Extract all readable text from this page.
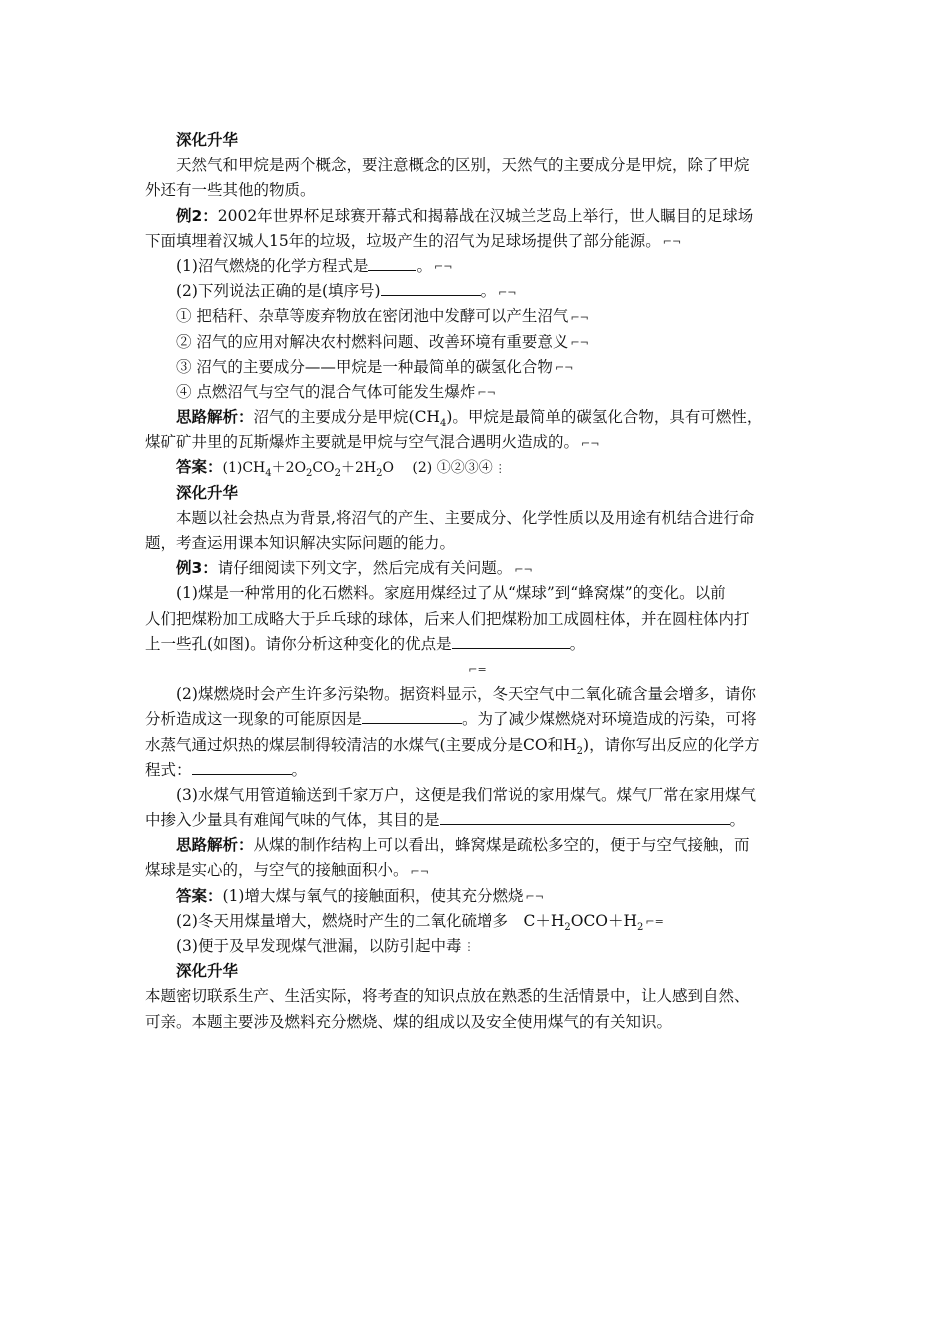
深化升华
天然气和甲烷是两个概念，要注意概念的区别，天然气的主要成分是甲烷，除了甲烷
外还有一些其他的物质。
例2：2002年世界杯足球赛开幕式和揭幕战在汉城兰芝岛上举行，世人瞩目的足球场
下面填埋着汉城人15年的垃圾，垃圾产生的沼气为足球场提供了部分能源。 ⌐¬
(1)沼气燃烧的化学方程式是	。 ⌐¬
(2)下列说法正确的是(填序号)	。 ⌐¬
① 把秸秆、杂草等废弃物放在密闭池中发酵可以产生沼气 ⌐¬
② 沼气的应用对解决农村燃料问题、改善环境有重要意义 ⌐¬
③ 沼气的主要成分——甲烷是一种最简单的碳氢化合物 ⌐¬
④ 点燃沼气与空气的混合气体可能发生爆炸 ⌐¬
思路解析：沼气的主要成分是甲烷$(CH_4)$。甲烷是最简单的碳氢化合物，具有可燃性，
煤矿矿井里的瓦斯爆炸主要就是甲烷与空气混合遇明火造成的。 ⌐¬
答案：$(1)CH_4+2O_2CO_2+2H_2O$　 (2) ①②③④ ⋮
深化升华
本题以社会热点为背景,将沼气的产生、主要成分、化学性质以及用途有机结合进行命
题，考查运用课本知识解决实际问题的能力。
例3：请仔细阅读下列文字，然后完成有关问题。 ⌐¬
(1)煤是一种常用的化石燃料。家庭用煤经过了从“煤球”到“蜂窝煤”的变化。以前
人们把煤粉加工成略大于乒乓球的球体，后来人们把煤粉加工成圆柱体，并在圆柱体内打
上一些孔(如图)。请你分析这种变化的优点是	。
⌐=
(2)煤燃烧时会产生许多污染物。据资料显示，冬天空气中二氧化硫含量会增多，请你
分析造成这一现象的可能原因是	。为了减少煤燃烧对环境造成的污染，可将
水蒸气通过炽热的煤层制得较清洁的水煤气(主要成分是CO和$H_2$)，请你写出反应的化学方
程式：	。
(3)水煤气用管道输送到千家万户，这便是我们常说的家用煤气。煤气厂常在家用煤气
中掺入少量具有难闻气味的气体，其目的是	。
思路解析：从煤的制作结构上可以看出，蜂窝煤是疏松多空的，便于与空气接触，而
煤球是实心的，与空气的接触面积小。 ⌐¬
答案：(1)增大煤与氧气的接触面积，使其充分燃烧 ⌐¬
(2)冬天用煤量增大，燃烧时产生的二氧化硫增多　$C+H_2OCO+H_2$ ⌐=
(3)便于及早发现煤气泄漏，以防引起中毒 ⋮
深化升华
本题密切联系生产、生活实际，将考查的知识点放在熟悉的生活情景中，让人感到自然、
可亲。本题主要涉及燃料充分燃烧、煤的组成以及安全使用煤气的有关知识。
